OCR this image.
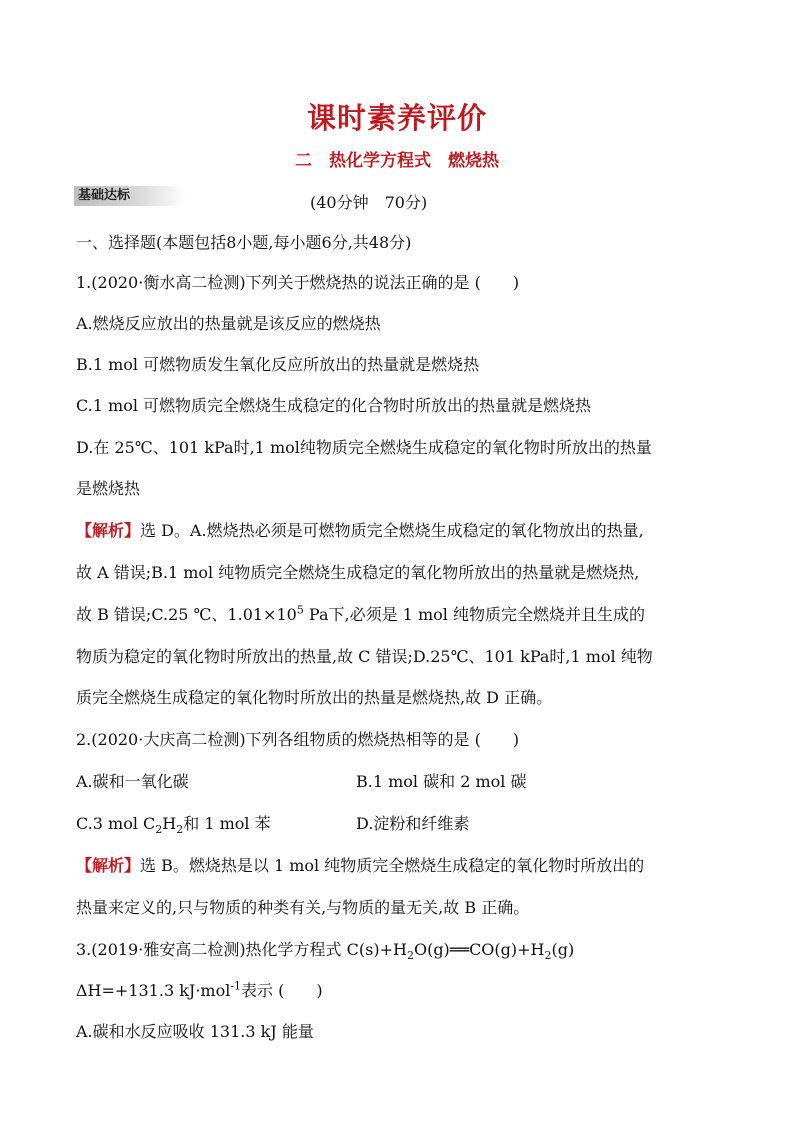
课时素养评价
二　热化学方程式　燃烧热
基础达标	(40分钟　70分)
一、选择题(本题包括8小题,每小题6分,共48分)
1.(2020·衡水高二检测)下列关于燃烧热的说法正确的是 (　　)
A.燃烧反应放出的热量就是该反应的燃烧热
B.1 mol 可燃物质发生氧化反应所放出的热量就是燃烧热
C.1 mol 可燃物质完全燃烧生成稳定的化合物时所放出的热量就是燃烧热
D.在 25℃、101 kPa时,1 mol纯物质完全燃烧生成稳定的氧化物时所放出的热量
是燃烧热
【解析】选 D。A.燃烧热必须是可燃物质完全燃烧生成稳定的氧化物放出的热量,
故 A 错误;B.1 mol 纯物质完全燃烧生成稳定的氧化物所放出的热量就是燃烧热,
故 B 错误;C.25 ℃、$1.01\times 10^5$ Pa下,必须是 1 mol 纯物质完全燃烧并且生成的
物质为稳定的氧化物时所放出的热量,故 C 错误;D.25℃、101 kPa时,1 mol 纯物
质完全燃烧生成稳定的氧化物时所放出的热量是燃烧热,故 D 正确。
2.(2020·大庆高二检测)下列各组物质的燃烧热相等的是 (　　)
A.碳和一氧化碳	B.1 mol 碳和 2 mol 碳
C.3 mol $C_2H_2$和 1 mol 苯	D.淀粉和纤维素
【解析】选 B。燃烧热是以 1 mol 纯物质完全燃烧生成稳定的氧化物时所放出的
热量来定义的,只与物质的种类有关,与物质的量无关,故 B 正确。
3.(2019·雅安高二检测)热化学方程式 $C(s)+H_2O(g)══CO(g)+H_2(g)$
ΔH=+131.3 kJ·mol$^{-1}$表示 (　　)
A.碳和水反应吸收 131.3 kJ 能量
